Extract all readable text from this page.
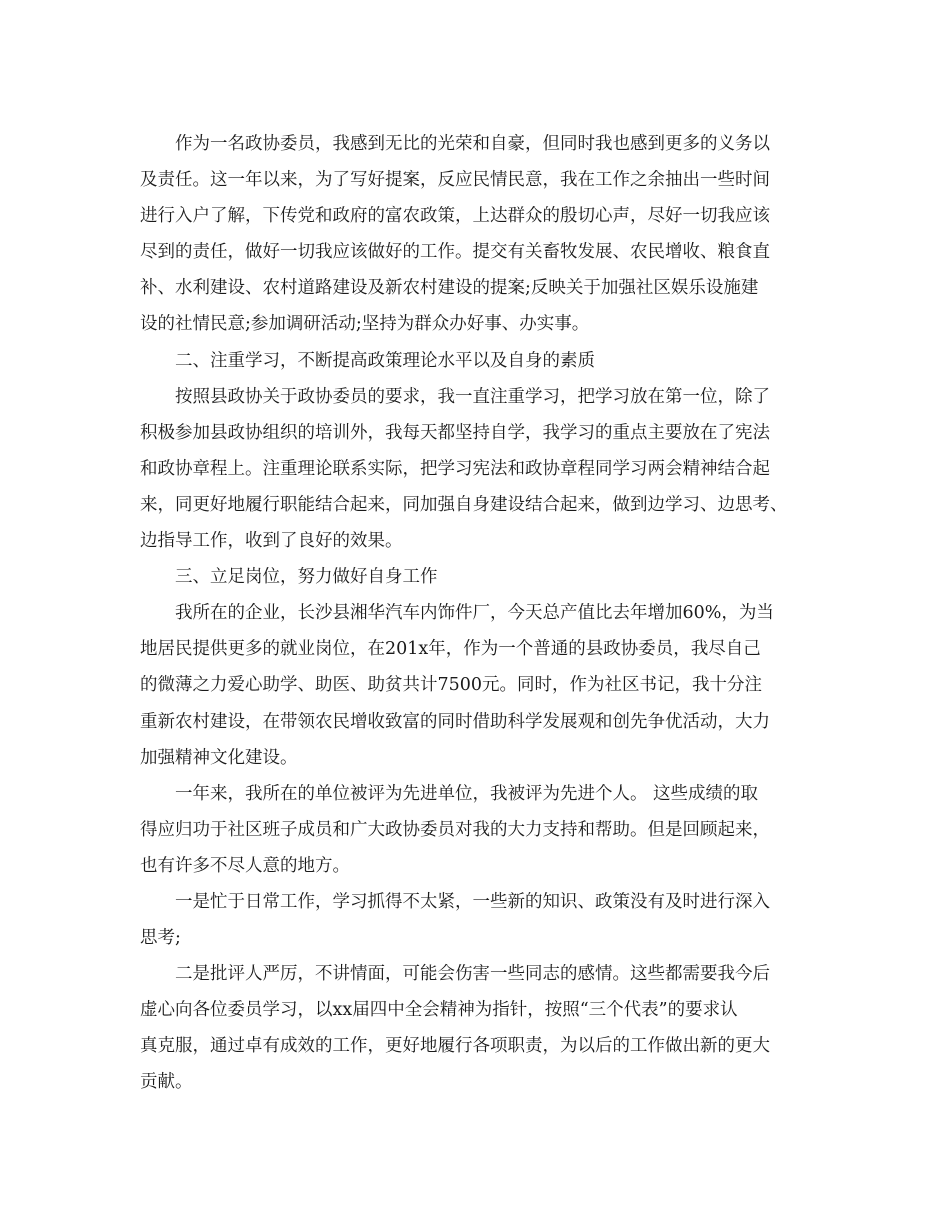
作为一名政协委员，我感到无比的光荣和自豪，但同时我也感到更多的义务以
及责任。这一年以来，为了写好提案，反应民情民意，我在工作之余抽出一些时间
进行入户了解，下传党和政府的富农政策，上达群众的殷切心声，尽好一切我应该
尽到的责任，做好一切我应该做好的工作。提交有关畜牧发展、农民增收、粮食直
补、水利建设、农村道路建设及新农村建设的提案;反映关于加强社区娱乐设施建
设的社情民意;参加调研活动;坚持为群众办好事、办实事。
二、注重学习，不断提高政策理论水平以及自身的素质
按照县政协关于政协委员的要求，我一直注重学习，把学习放在第一位，除了
积极参加县政协组织的培训外，我每天都坚持自学，我学习的重点主要放在了宪法
和政协章程上。注重理论联系实际，把学习宪法和政协章程同学习两会精神结合起
来，同更好地履行职能结合起来，同加强自身建设结合起来，做到边学习、边思考、
边指导工作，收到了良好的效果。
三、立足岗位，努力做好自身工作
我所在的企业，长沙县湘华汽车内饰件厂，今天总产值比去年增加60%，为当
地居民提供更多的就业岗位，在201x年，作为一个普通的县政协委员，我尽自己
的微薄之力爱心助学、助医、助贫共计7500元。同时，作为社区书记，我十分注
重新农村建设，在带领农民增收致富的同时借助科学发展观和创先争优活动，大力
加强精神文化建设。
一年来，我所在的单位被评为先进单位，我被评为先进个人。 这些成绩的取
得应归功于社区班子成员和广大政协委员对我的大力支持和帮助。但是回顾起来，
也有许多不尽人意的地方。
一是忙于日常工作，学习抓得不太紧，一些新的知识、政策没有及时进行深入
思考;
二是批评人严厉，不讲情面，可能会伤害一些同志的感情。这些都需要我今后
虚心向各位委员学习，以xx届四中全会精神为指针，按照“三个代表”的要求认
真克服，通过卓有成效的工作，更好地履行各项职责，为以后的工作做出新的更大
贡献。
